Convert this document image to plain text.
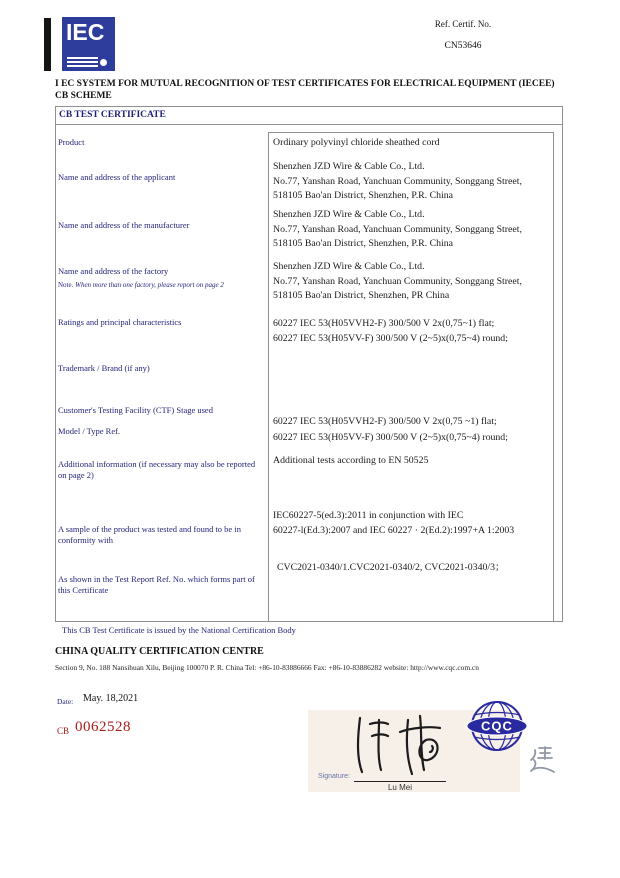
IEC	Ref. Certif. No.
CN53646
I EC SYSTEM FOR MUTUAL RECOGNITION OF TEST CERTIFICATES FOR ELECTRICAL EQUIPMENT (IECEE) CB SCHEME
CB TEST CERTIFICATE
Product
Name and address of the applicant
Name and address of the manufacturer
Name and address of the factory
Note. When more than one factory, please report on page 2
Ratings and principal characteristics
Trademark / Brand (if any)
Customer's Testing Facility (CTF) Stage used
Model / Type Ref.
Additional information (if necessary may also be reported on page 2)
A sample of the product was tested and found to be in conformity with
As shown in the Test Report Ref. No. which forms part of this Certificate
Ordinary polyvinyl chloride sheathed cord
Shenzhen JZD Wire & Cable Co., Ltd.
No.77, Yanshan Road, Yanchuan Community, Songgang Street,
518105 Bao'an District, Shenzhen, P.R. China
Shenzhen JZD Wire & Cable Co., Ltd.
No.77, Yanshan Road, Yanchuan Community, Songgang Street,
518105 Bao'an District, Shenzhen, P.R. China
Shenzhen JZD Wire & Cable Co., Ltd.
No.77, Yanshan Road, Yanchuan Community, Songgang Street,
518105 Bao'an District, Shenzhen, PR China
60227 IEC 53(H05VVH2-F) 300/500 V 2x(0,75~1) flat;
60227 IEC 53(H05VV-F) 300/500 V (2~5)x(0,75~4) round;
60227 IEC 53(H05VVH2-F) 300/500 V 2x(0,75 ~1) flat;
60227 IEC 53(H05VV-F) 300/500 V (2~5)x(0,75~4) round;
Additional tests according to EN 50525
IEC60227-5(ed.3):2011 in conjunction with IEC
60227-l(Ed.3):2007 and IEC 60227 · 2(Ed.2):1997+A 1:2003
CVC2021-0340/1.CVC2021-0340/2, CVC2021-0340/3；
This CB Test Certificate is issued by the National Certification Body
CHINA QUALITY CERTIFICATION CENTRE
Section 9, No. 188 Nansihuan Xilu, Beijing 100070 P. R. China Tel: +86-10-83886666 Fax: +86-10-83886282 website: http://www.cqc.com.cn
Date: May. 18,2021
CB 0062528
Signature:
Lu Mei
CQC
